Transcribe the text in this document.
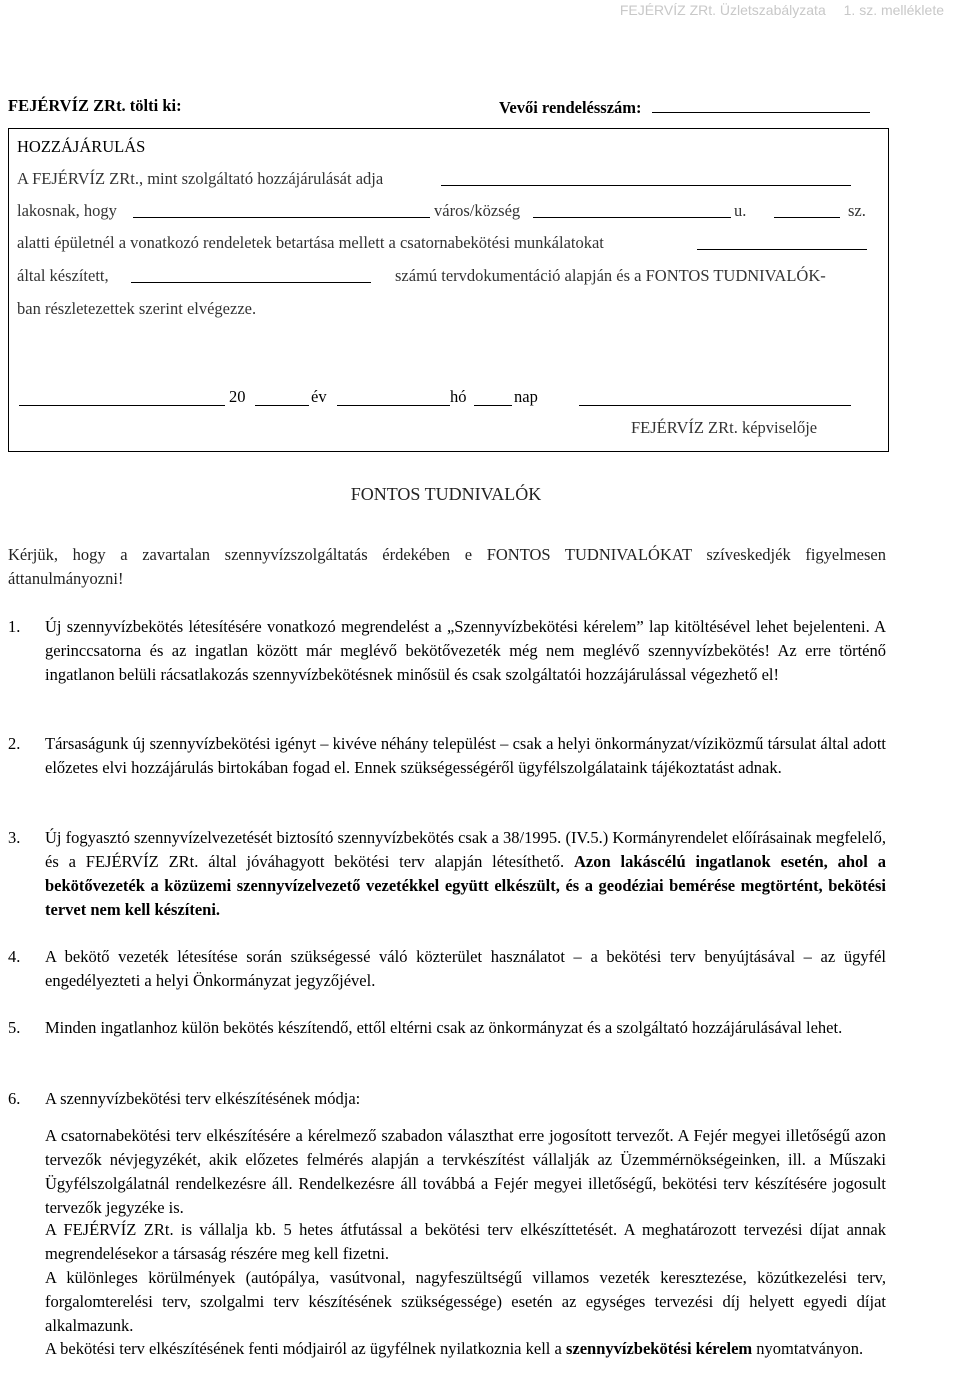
FEJÉRVÍZ ZRt. Üzletszabályzata 1. sz. melléklete
FEJÉRVÍZ ZRt. tölti ki:	Vevői rendelésszám:
HOZZÁJÁRULÁS
A FEJÉRVÍZ ZRt., mint szolgáltató hozzájárulását adja
lakosnak, hogy	város/község	u.	sz.
alatti épületnél a vonatkozó rendeletek betartása mellett a csatornabekötési munkálatokat
által készített,	számú tervdokumentáció alapján és a FONTOS TUDNIVALÓK-
ban részletezettek szerint elvégezze.
20	év	hó	nap
FEJÉRVÍZ ZRt. képviselője
FONTOS TUDNIVALÓK
Kérjük, hogy a zavartalan szennyvízszolgáltatás érdekében e FONTOS TUDNIVALÓKAT szíveskedjék figyelmesen áttanulmányozni!
1.	Új szennyvízbekötés létesítésére vonatkozó megrendelést a „Szennyvízbekötési kérelem” lap kitöltésével lehet bejelenteni. A gerinccsatorna és az ingatlan között már meglévő bekötővezeték még nem meglévő szennyvízbekötés! Az erre történő ingatlanon belüli rácsatlakozás szennyvízbekötésnek minősül és csak szolgáltatói hozzájárulással végezhető el!
2.	Társaságunk új szennyvízbekötési igényt – kivéve néhány települést – csak a helyi önkormányzat/víziközmű társulat által adott előzetes elvi hozzájárulás birtokában fogad el. Ennek szükségességéről ügyfélszolgálataink tájékoztatást adnak.
3.	Új fogyasztó szennyvízelvezetését biztosító szennyvízbekötés csak a 38/1995. (IV.5.) Kormányrendelet előírásainak megfelelő, és a FEJÉRVÍZ ZRt. által jóváhagyott bekötési terv alapján létesíthető. Azon lakáscélú ingatlanok esetén, ahol a bekötővezeték a közüzemi szennyvízelvezető vezetékkel együtt elkészült, és a geodéziai bemérése megtörtént, bekötési tervet nem kell készíteni.
4.	A bekötő vezeték létesítése során szükségessé váló közterület használatot – a bekötési terv benyújtásával – az ügyfél engedélyezteti a helyi Önkormányzat jegyzőjével.
5.	Minden ingatlanhoz külön bekötés készítendő, ettől eltérni csak az önkormányzat és a szolgáltató hozzájárulásával lehet.
6.	A szennyvízbekötési terv elkészítésének módja:
A csatornabekötési terv elkészítésére a kérelmező szabadon választhat erre jogosított tervezőt. A Fejér megyei illetőségű azon tervezők névjegyzékét, akik előzetes felmérés alapján a tervkészítést vállalják az Üzemmérnökségeinken, ill. a Műszaki Ügyfélszolgálatnál rendelkezésre áll. Rendelkezésre áll továbbá a Fejér megyei illetőségű, bekötési terv készítésére jogosult tervezők jegyzéke is.
A FEJÉRVÍZ ZRt. is vállalja kb. 5 hetes átfutással a bekötési terv elkészíttetését. A meghatározott tervezési díjat annak megrendelésekor a társaság részére meg kell fizetni.
A különleges körülmények (autópálya, vasútvonal, nagyfeszültségű villamos vezeték keresztezése, közútkezelési terv, forgalomterelési terv, szolgalmi terv készítésének szükségessége) esetén az egységes tervezési díj helyett egyedi díjat alkalmazunk.
A bekötési terv elkészítésének fenti módjairól az ügyfélnek nyilatkoznia kell a szennyvízbekötési kérelem nyomtatványon.
